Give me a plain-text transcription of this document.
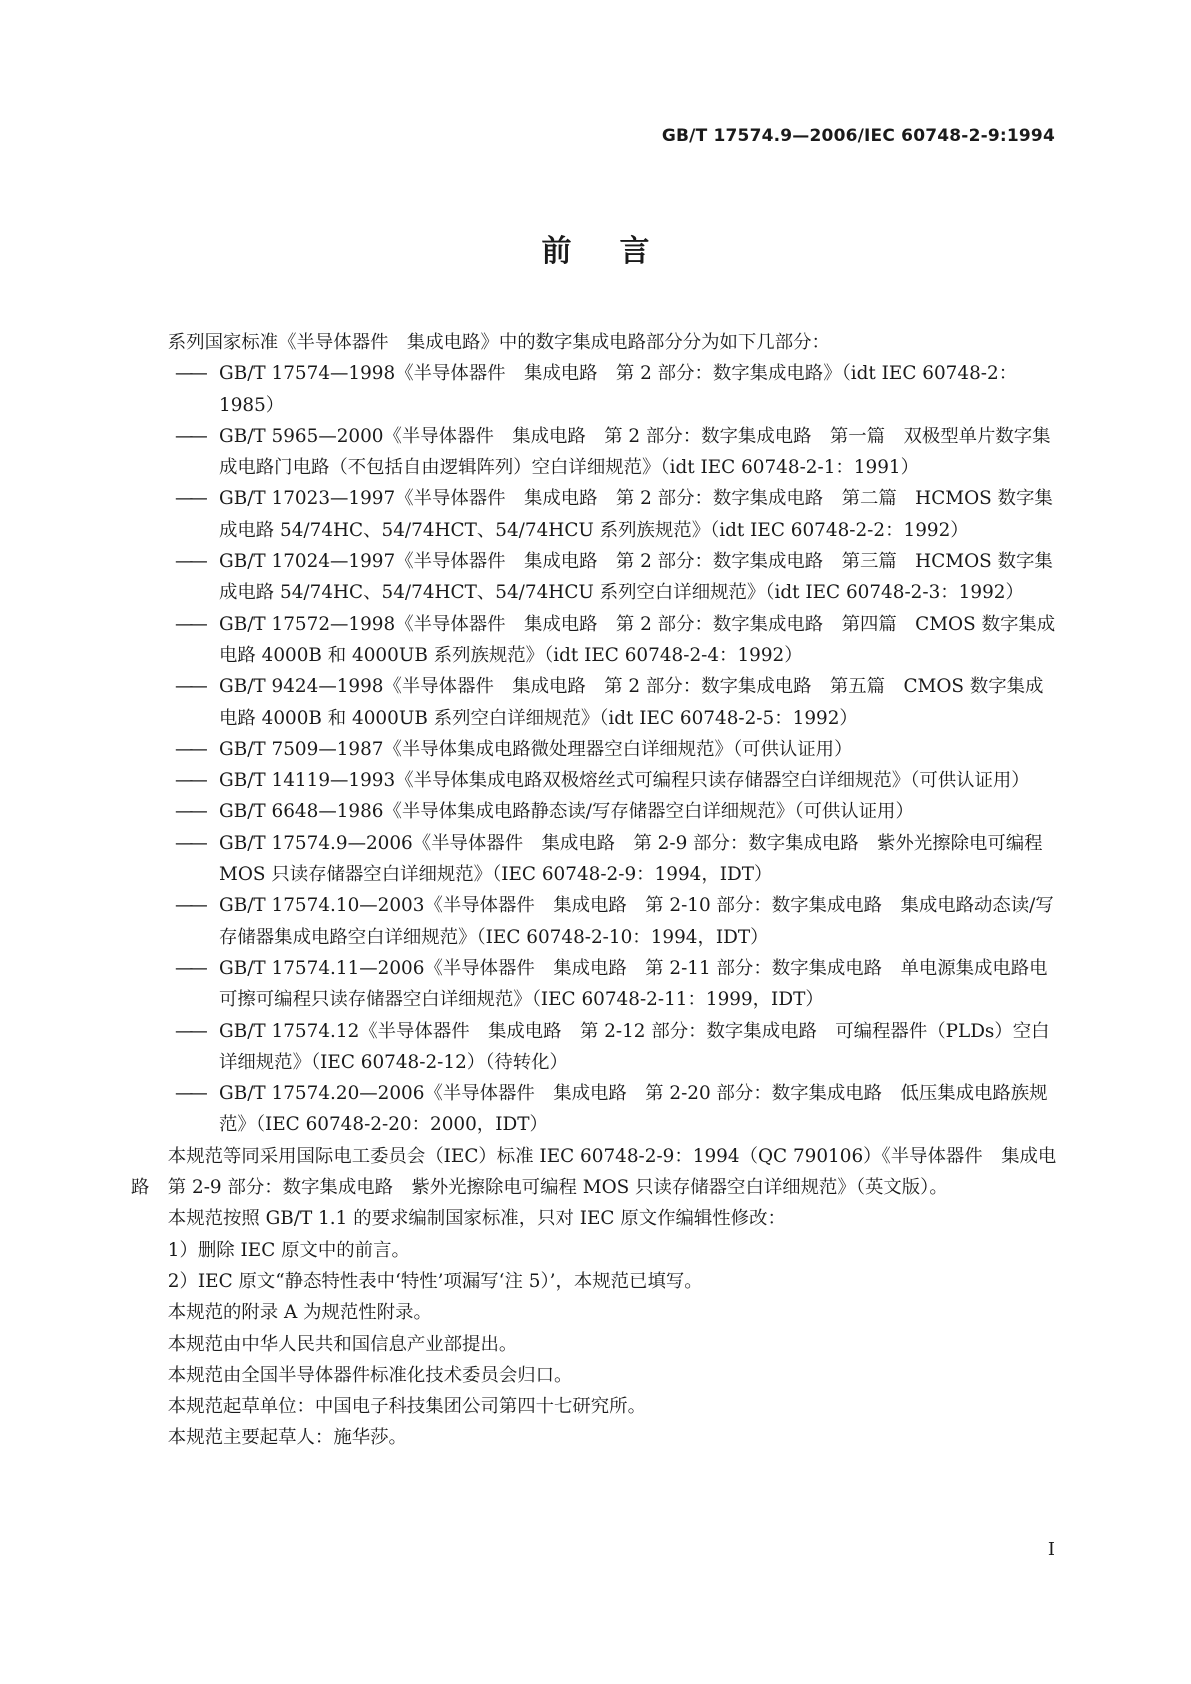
GB/T 17574.9—2006/IEC 60748-2-9:1994
前言

系列国家标准《半导体器件　集成电路》中的数字集成电路部分分为如下几部分：

—— GB/T 17574—1998《半导体器件　集成电路　第 2 部分：数字集成电路》（idt IEC 60748-2：1985）

—— GB/T 5965—2000《半导体器件　集成电路　第 2 部分：数字集成电路　第一篇　双极型单片数字集成电路门电路（不包括自由逻辑阵列）空白详细规范》（idt IEC 60748-2-1：1991）

—— GB/T 17023—1997《半导体器件　集成电路　第 2 部分：数字集成电路　第二篇　HCMOS 数字集成电路 54/74HC、54/74HCT、54/74HCU 系列族规范》（idt IEC 60748-2-2：1992）

—— GB/T 17024—1997《半导体器件　集成电路　第 2 部分：数字集成电路　第三篇　HCMOS 数字集成电路 54/74HC、54/74HCT、54/74HCU 系列空白详细规范》（idt IEC 60748-2-3：1992）

—— GB/T 17572—1998《半导体器件　集成电路　第 2 部分：数字集成电路　第四篇　CMOS 数字集成电路 4000B 和 4000UB 系列族规范》（idt IEC 60748-2-4：1992）

—— GB/T 9424—1998《半导体器件　集成电路　第 2 部分：数字集成电路　第五篇　CMOS 数字集成电路 4000B 和 4000UB 系列空白详细规范》（idt IEC 60748-2-5：1992）

—— GB/T 7509—1987《半导体集成电路微处理器空白详细规范》（可供认证用）

—— GB/T 14119—1993《半导体集成电路双极熔丝式可编程只读存储器空白详细规范》（可供认证用）

—— GB/T 6648—1986《半导体集成电路静态读/写存储器空白详细规范》（可供认证用）

—— GB/T 17574.9—2006《半导体器件　集成电路　第 2-9 部分：数字集成电路　紫外光擦除电可编程 MOS 只读存储器空白详细规范》（IEC 60748-2-9：1994，IDT）

—— GB/T 17574.10—2003《半导体器件　集成电路　第 2-10 部分：数字集成电路　集成电路动态读/写存储器集成电路空白详细规范》（IEC 60748-2-10：1994，IDT）

—— GB/T 17574.11—2006《半导体器件　集成电路　第 2-11 部分：数字集成电路　单电源集成电路电可擦可编程只读存储器空白详细规范》（IEC 60748-2-11：1999，IDT）

—— GB/T 17574.12《半导体器件　集成电路　第 2-12 部分：数字集成电路　可编程器件（PLDs）空白详细规范》（IEC 60748-2-12）（待转化）

—— GB/T 17574.20—2006《半导体器件　集成电路　第 2-20 部分：数字集成电路　低压集成电路族规范》（IEC 60748-2-20：2000，IDT）

本规范等同采用国际电工委员会（IEC）标准 IEC 60748-2-9：1994（QC 790106）《半导体器件　集成电路　第 2-9 部分：数字集成电路　紫外光擦除电可编程 MOS 只读存储器空白详细规范》（英文版）。

本规范按照 GB/T 1.1 的要求编制国家标准，只对 IEC 原文作编辑性修改：

1）删除 IEC 原文中的前言。

2）IEC 原文“静态特性表中‘特性’项漏写‘注 5）’，本规范已填写。

本规范的附录 A 为规范性附录。

本规范由中华人民共和国信息产业部提出。

本规范由全国半导体器件标准化技术委员会归口。

本规范起草单位：中国电子科技集团公司第四十七研究所。

本规范主要起草人：施华莎。

I
